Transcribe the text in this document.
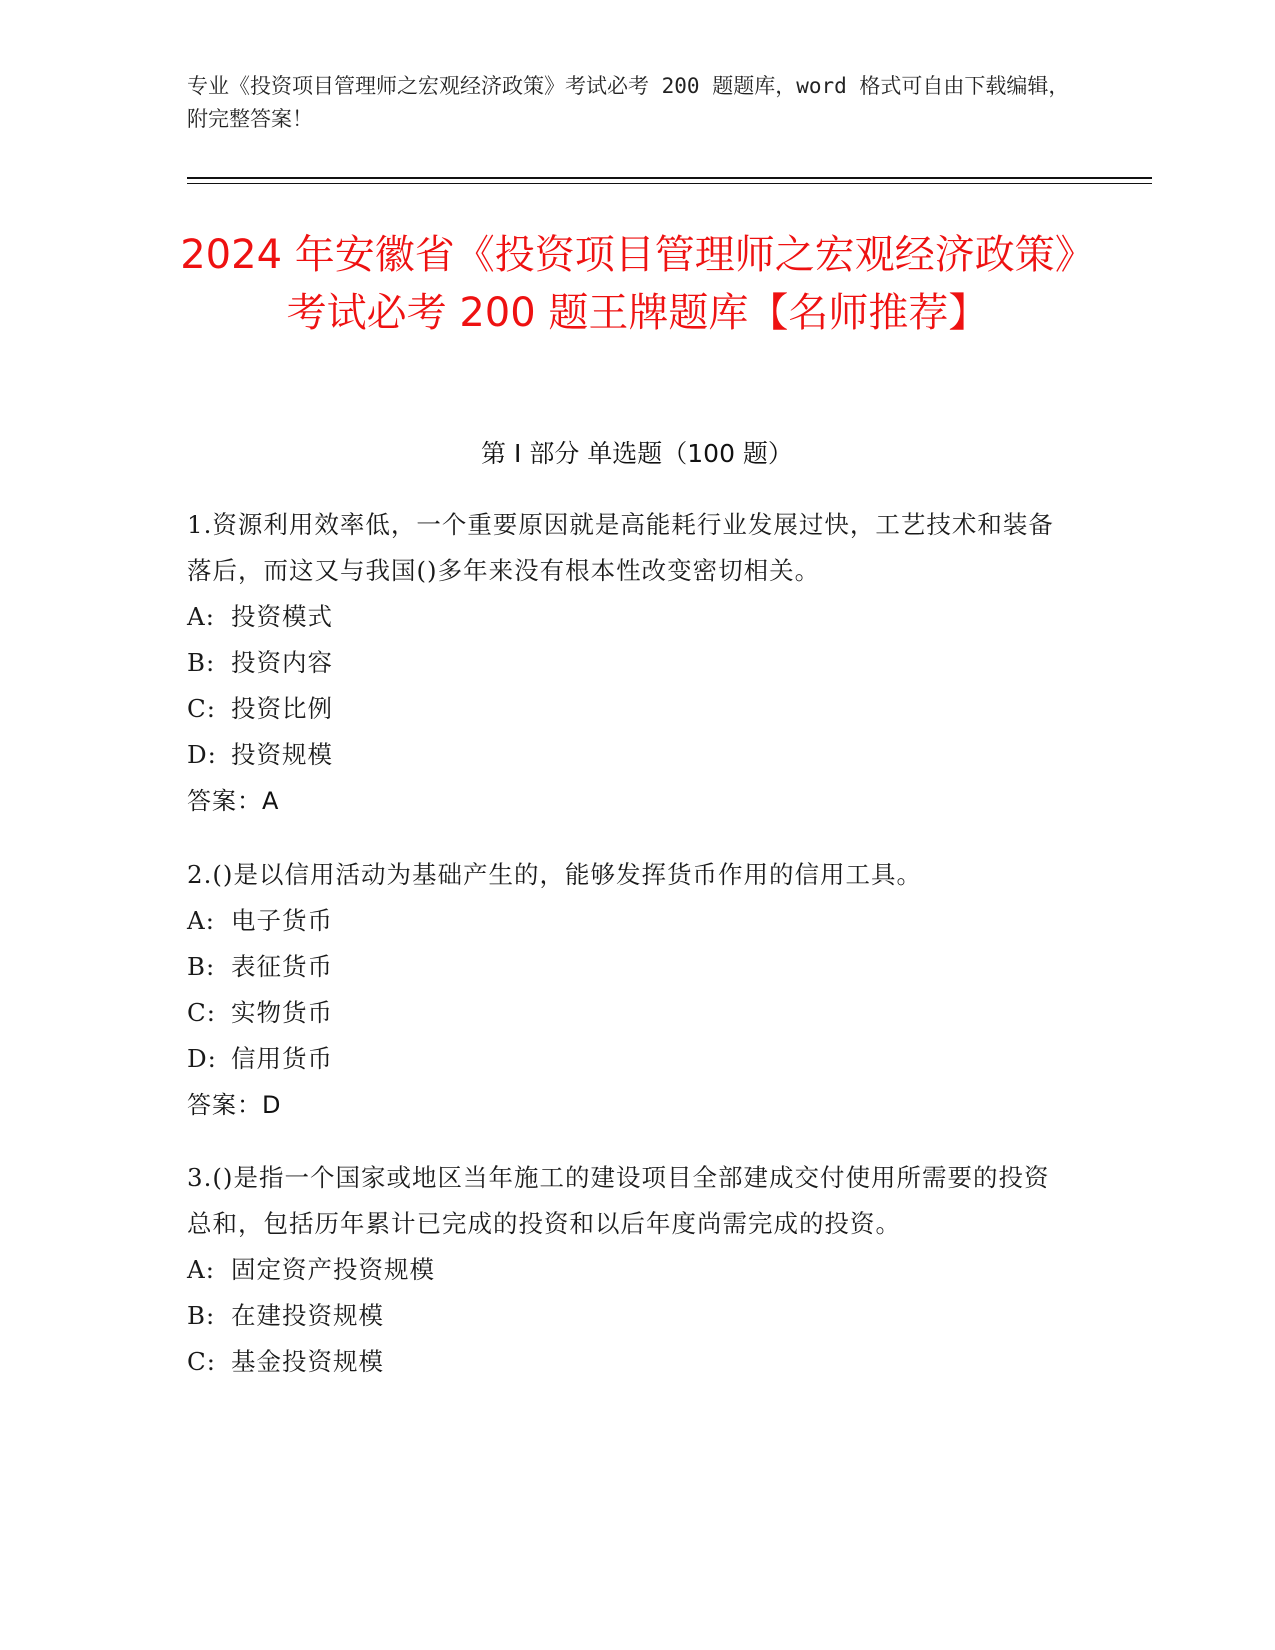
专业《投资项目管理师之宏观经济政策》考试必考 200 题题库，word 格式可自由下载编辑，附完整答案！
2024 年安徽省《投资项目管理师之宏观经济政策》考试必考 200 题王牌题库【名师推荐】
第 I 部分 单选题（100 题）

1.资源利用效率低，一个重要原因就是高能耗行业发展过快，工艺技术和装备落后，而这又与我国()多年来没有根本性改变密切相关。

A: 投资模式

B: 投资内容

C: 投资比例

D: 投资规模

答案：A

2.()是以信用活动为基础产生的，能够发挥货币作用的信用工具。

A: 电子货币

B: 表征货币

C: 实物货币

D: 信用货币

答案：D

3.()是指一个国家或地区当年施工的建设项目全部建成交付使用所需要的投资总和，包括历年累计已完成的投资和以后年度尚需完成的投资。

A: 固定资产投资规模

B: 在建投资规模

C: 基金投资规模
